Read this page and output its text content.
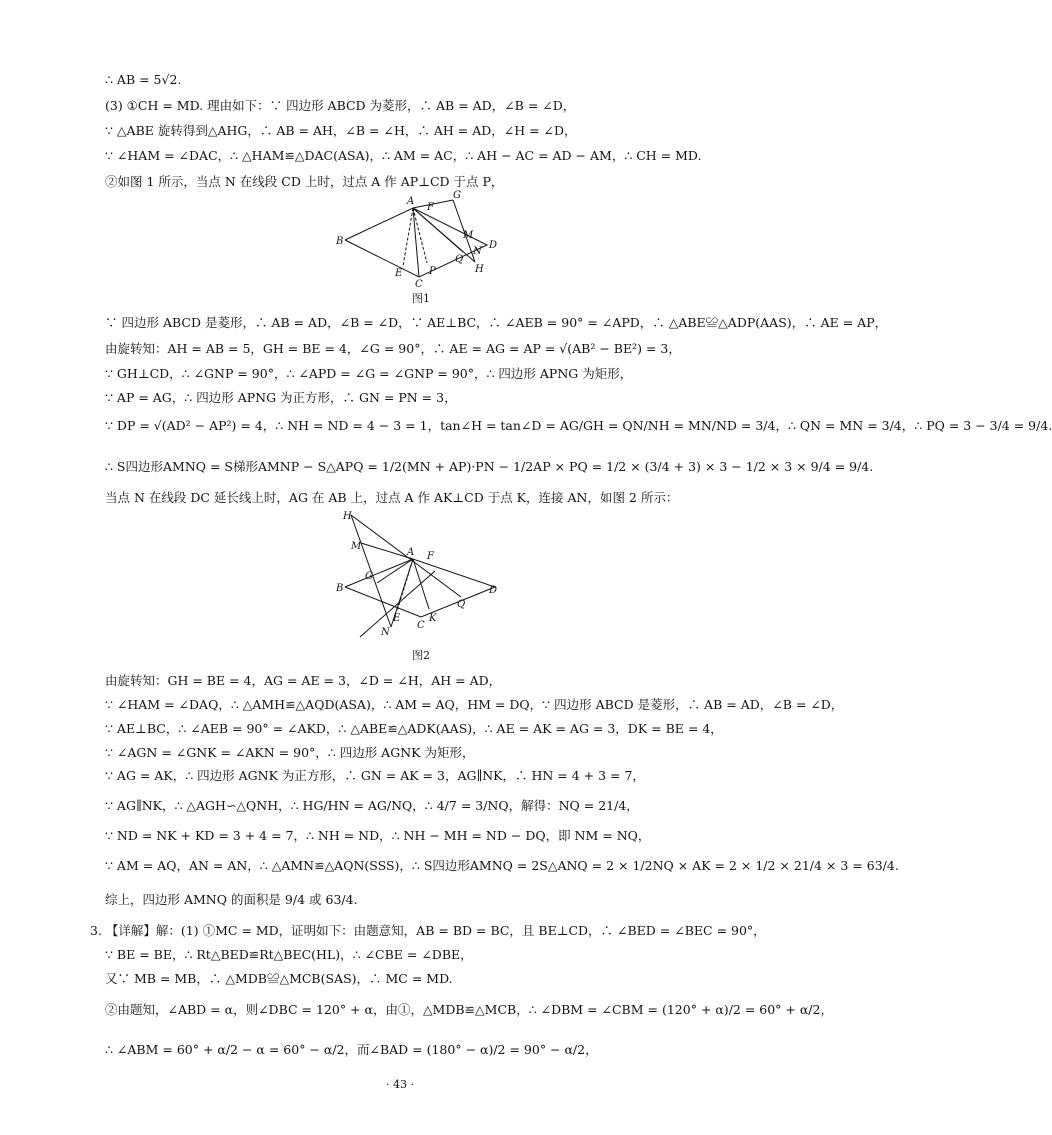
∴ AB = 5√2.
(3) ①CH = MD. 理由如下：∵ 四边形 ABCD 为菱形，∴ AB = AD，∠B = ∠D，
∵ △ABE 旋转得到△AHG，∴ AB = AH，∠B = ∠H，∴ AH = AD，∠H = ∠D，
∵ ∠HAM = ∠DAC，∴ △HAM≌△DAC(ASA)，∴ AM = AC，∴ AH − AC = AD − AM，∴ CH = MD.
②如图 1 所示，当点 N 在线段 CD 上时，过点 A 作 AP⊥CD 于点 P，
A
B
C
D
E
F
G
H
M
N
P
Q
图1
∵ 四边形 ABCD 是菱形，∴ AB = AD，∠B = ∠D，∵ AE⊥BC，∴ ∠AEB = 90° = ∠APD，∴ △ABE≌△ADP(AAS)，∴ AE = AP，
由旋转知：AH = AB = 5，GH = BE = 4，∠G = 90°，∴ AE = AG = AP = √(AB² − BE²) = 3，
∵ GH⊥CD，∴ ∠GNP = 90°，∴ ∠APD = ∠G = ∠GNP = 90°，∴ 四边形 APNG 为矩形，
∵ AP = AG，∴ 四边形 APNG 为正方形，∴ GN = PN = 3，
∵ DP = √(AD² − AP²) = 4，∴ NH = ND = 4 − 3 = 1，tan∠H = tan∠D = AG/GH = QN/NH = MN/ND = 3/4，∴ QN = MN = 3/4，∴ PQ = 3 − 3/4 = 9/4.
∴ S四边形AMNQ = S梯形AMNP − S△APQ = 1/2(MN + AP)·PN − 1/2AP × PQ = 1/2 × (3/4 + 3) × 3 − 1/2 × 3 × 9/4 = 9/4.
当点 N 在线段 DC 延长线上时，AG 在 AB 上，过点 A 作 AK⊥CD 于点 K，连接 AN，如图 2 所示：
H
M
A F
G
B
E	K
C
N
Q
D
图2
由旋转知：GH = BE = 4，AG = AE = 3，∠D = ∠H，AH = AD，
∵ ∠HAM = ∠DAQ，∴ △AMH≌△AQD(ASA)，∴ AM = AQ，HM = DQ，∵ 四边形 ABCD 是菱形，∴ AB = AD，∠B = ∠D，
∵ AE⊥BC，∴ ∠AEB = 90° = ∠AKD，∴ △ABE≌△ADK(AAS)，∴ AE = AK = AG = 3，DK = BE = 4，
∵ ∠AGN = ∠GNK = ∠AKN = 90°，∴ 四边形 AGNK 为矩形，
∵ AG = AK，∴ 四边形 AGNK 为正方形，∴ GN = AK = 3，AG∥NK，∴ HN = 4 + 3 = 7，
∵ AG∥NK，∴ △AGH∽△QNH，∴ HG/HN = AG/NQ，∴ 4/7 = 3/NQ，解得：NQ = 21/4，
∵ ND = NK + KD = 3 + 4 = 7，∴ NH = ND，∴ NH − MH = ND − DQ，即 NM = NQ，
∵ AM = AQ，AN = AN，∴ △AMN≌△AQN(SSS)，∴ S四边形AMNQ = 2S△ANQ = 2 × 1/2NQ × AK = 2 × 1/2 × 21/4 × 3 = 63/4.
综上，四边形 AMNQ 的面积是 9/4 或 63/4.
3. 【详解】解：(1) ①MC = MD，证明如下：由题意知，AB = BD = BC，且 BE⊥CD，∴ ∠BED = ∠BEC = 90°，
∵ BE = BE，∴ Rt△BED≌Rt△BEC(HL)，∴ ∠CBE = ∠DBE，
又∵ MB = MB，∴ △MDB≌△MCB(SAS)，∴ MC = MD.
②由题知，∠ABD = α，则∠DBC = 120° + α，由①，△MDB≌△MCB，∴ ∠DBM = ∠CBM = (120° + α)/2 = 60° + α/2，
∴ ∠ABM = 60° + α/2 − α = 60° − α/2，而∠BAD = (180° − α)/2 = 90° − α/2，
· 43 ·
